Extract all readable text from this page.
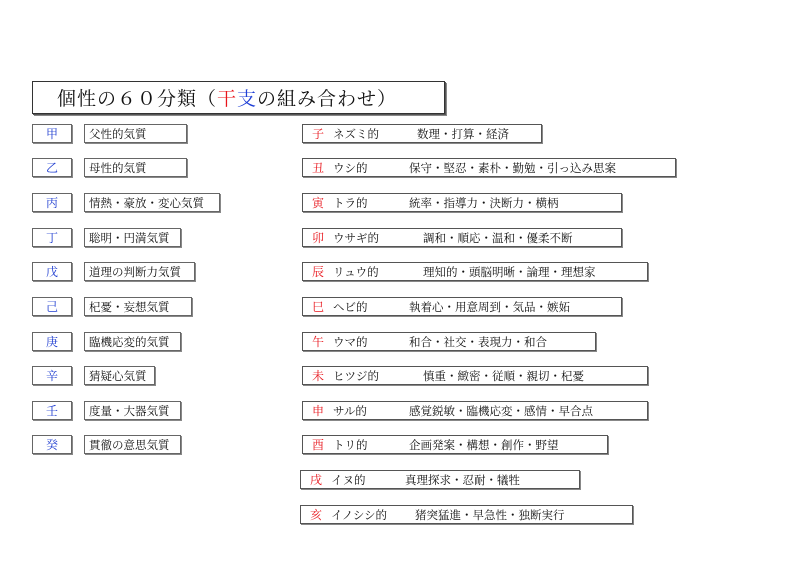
個性の６０分類（ 干 支 の組み合わせ）
甲	父性的気質
乙	母性的気質
丙	情熱・豪放・変心気質
丁	聡明・円満気質
戊	道理の判断力気質
己	杞憂・妄想気質
庚	臨機応変的気質
辛	猜疑心気質
壬	度量・大器気質
癸	貫徹の意思気質
子 ネズミ的	数理・打算・経済
丑 ウシ的	保守・堅忍・素朴・勤勉・引っ込み思案
寅 トラ的	統率・指導力・決断力・横柄
卯 ウサギ的	調和・順応・温和・優柔不断
辰 リュウ的	理知的・頭脳明晰・論理・理想家
巳 ヘビ的	執着心・用意周到・気品・嫉妬
午 ウマ的	和合・社交・表現力・和合
未 ヒツジ的	慎重・緻密・従順・親切・杞憂
申 サル的	感覚鋭敏・臨機応変・感情・早合点
酉 トリ的	企画発案・構想・創作・野望
戌 イヌ的	真理探求・忍耐・犠牲
亥 イノシシ的	猪突猛進・早急性・独断実行
